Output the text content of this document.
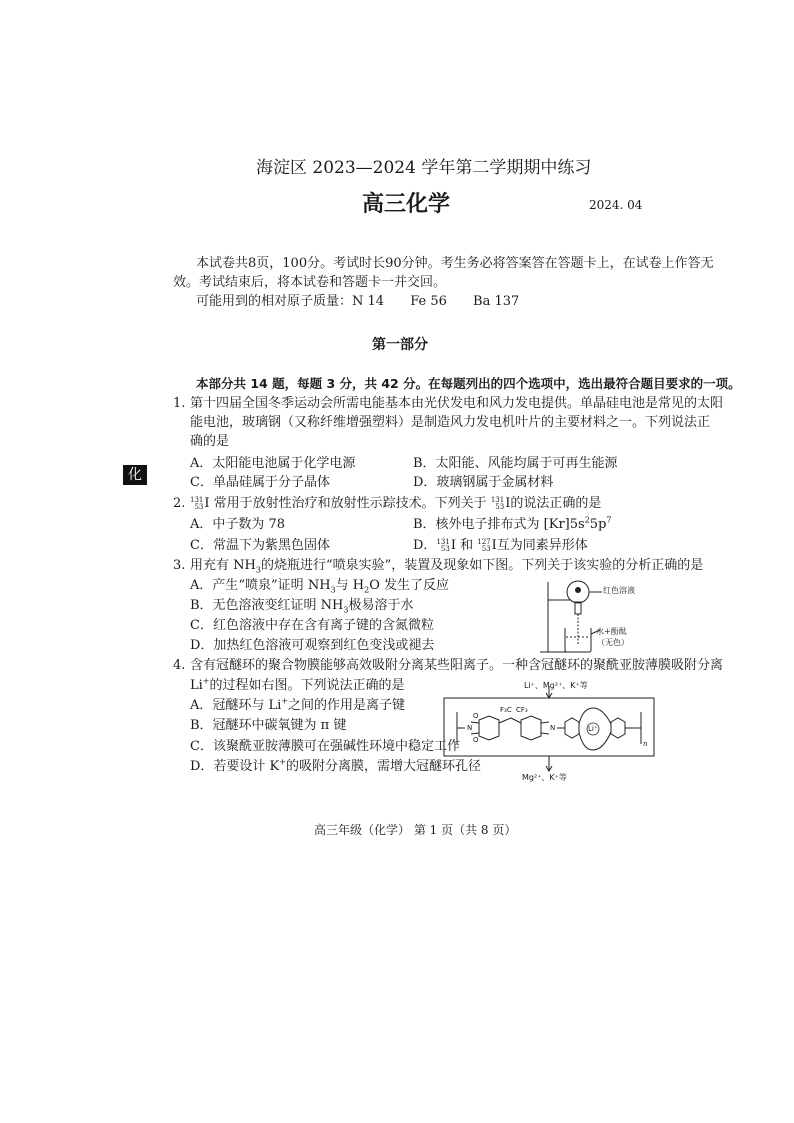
海淀区 2023—2024 学年第二学期期中练习
高三化学	2024. 04
本试卷共8页，100分。考试时长90分钟。考生务必将答案答在答题卡上，在试卷上作答无
效。考试结束后，将本试卷和答题卡一并交回。
可能用到的相对原子质量：N 14 Fe 56 Ba 137
第一部分
本部分共 14 题，每题 3 分，共 42 分。在每题列出的四个选项中，选出最符合题目要求的一项。
化
1. 第十四届全国冬季运动会所需电能基本由光伏发电和风力发电提供。单晶硅电池是常见的太阳
能电池，玻璃钢（又称纤维增强塑料）是制造风力发电机叶片的主要材料之一。下列说法正
确的是
A．太阳能电池属于化学电源	B．太阳能、风能均属于可再生能源
C．单晶硅属于分子晶体	D．玻璃钢属于金属材料
2. 131
53I 常用于放射性治疗和放射性示踪技术。下列关于 131
53I的说法正确的是
A．中子数为 78	B．核外电子排布式为 $[Kr]5s^25p^7$
C．常温下为紫黑色固体	D．131
53I 和 127
53I互为同素异形体
3. 用充有 $NH_3$的烧瓶进行“喷泉实验”，装置及现象如下图。下列关于该实验的分析正确的是
A．产生“喷泉”证明 $NH_3$与 $H_2O$ 发生了反应
B．无色溶液变红证明 $NH_3$极易溶于水
C．红色溶液中存在含有离子键的含氮微粒
D．加热红色溶液可观察到红色变浅或褪去
红色溶液
水+酚酞
（无色）
4. 含有冠醚环的聚合物膜能够高效吸附分离某些阳离子。一种含冠醚环的聚酰亚胺薄膜吸附分离
Li+的过程如右图。下列说法正确的是
A．冠醚环与 Li+之间的作用是离子键
B．冠醚环中碳氧键为 π 键
C．该聚酰亚胺薄膜可在强碱性环境中稳定工作
D．若要设计 K+的吸附分离膜，需增大冠醚环孔径
Li⁺、Mg²⁺、K⁺等
Mg²⁺、K⁺等
F₃C CF₃
N	N
O
O
Li⁺
n
高三年级（化学） 第 1 页（共 8 页）
